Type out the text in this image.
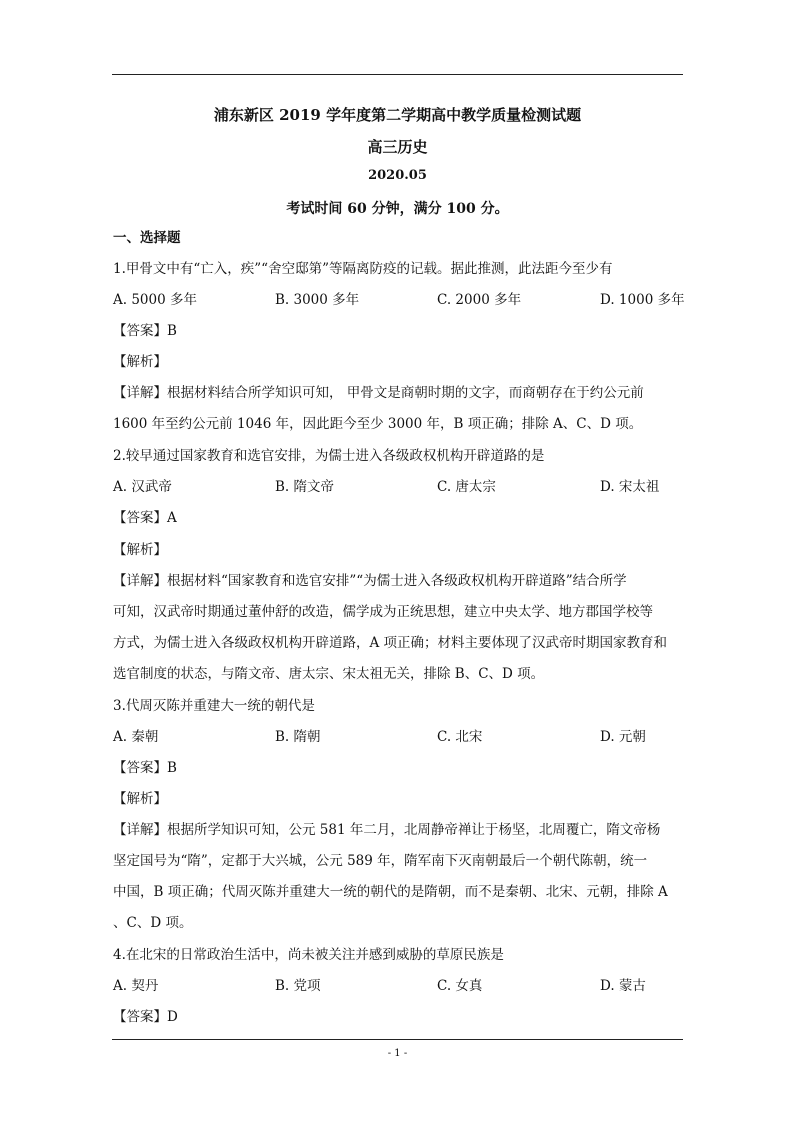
浦东新区 2019 学年度第二学期高中教学质量检测试题
高三历史
2020.05
考试时间 60 分钟，满分 100 分。
一、选择题
1.甲骨文中有“亡入，疾”“舍空邸第”等隔离防疫的记载。据此推测，此法距今至少有
A. 5000 多年	B. 3000 多年	C. 2000 多年	D. 1000 多年
【答案】B
【解析】
【详解】根据材料结合所学知识可知， 甲骨文是商朝时期的文字，而商朝存在于约公元前
1600 年至约公元前 1046 年，因此距今至少 3000 年，B 项正确；排除 A、C、D 项。
2.较早通过国家教育和选官安排，为儒士进入各级政权机构开辟道路的是
A. 汉武帝	B. 隋文帝	C. 唐太宗	D. 宋太祖
【答案】A
【解析】
【详解】根据材料“国家教育和选官安排”“为儒士进入各级政权机构开辟道路”结合所学
可知，汉武帝时期通过董仲舒的改造，儒学成为正统思想，建立中央太学、地方郡国学校等
方式，为儒士进入各级政权机构开辟道路，A 项正确；材料主要体现了汉武帝时期国家教育和
选官制度的状态，与隋文帝、唐太宗、宋太祖无关，排除 B、C、D 项。
3.代周灭陈并重建大一统的朝代是
A. 秦朝	B. 隋朝	C. 北宋	D. 元朝
【答案】B
【解析】
【详解】根据所学知识可知，公元 581 年二月，北周静帝禅让于杨坚，北周覆亡，隋文帝杨
坚定国号为“隋”，定都于大兴城，公元 589 年，隋军南下灭南朝最后一个朝代陈朝，统一
中国，B 项正确；代周灭陈并重建大一统的朝代的是隋朝，而不是秦朝、北宋、元朝，排除 A
、C、D 项。
4.在北宋的日常政治生活中，尚未被关注并感到威胁的草原民族是
A. 契丹	B. 党项	C. 女真	D. 蒙古
【答案】D
- 1 -
